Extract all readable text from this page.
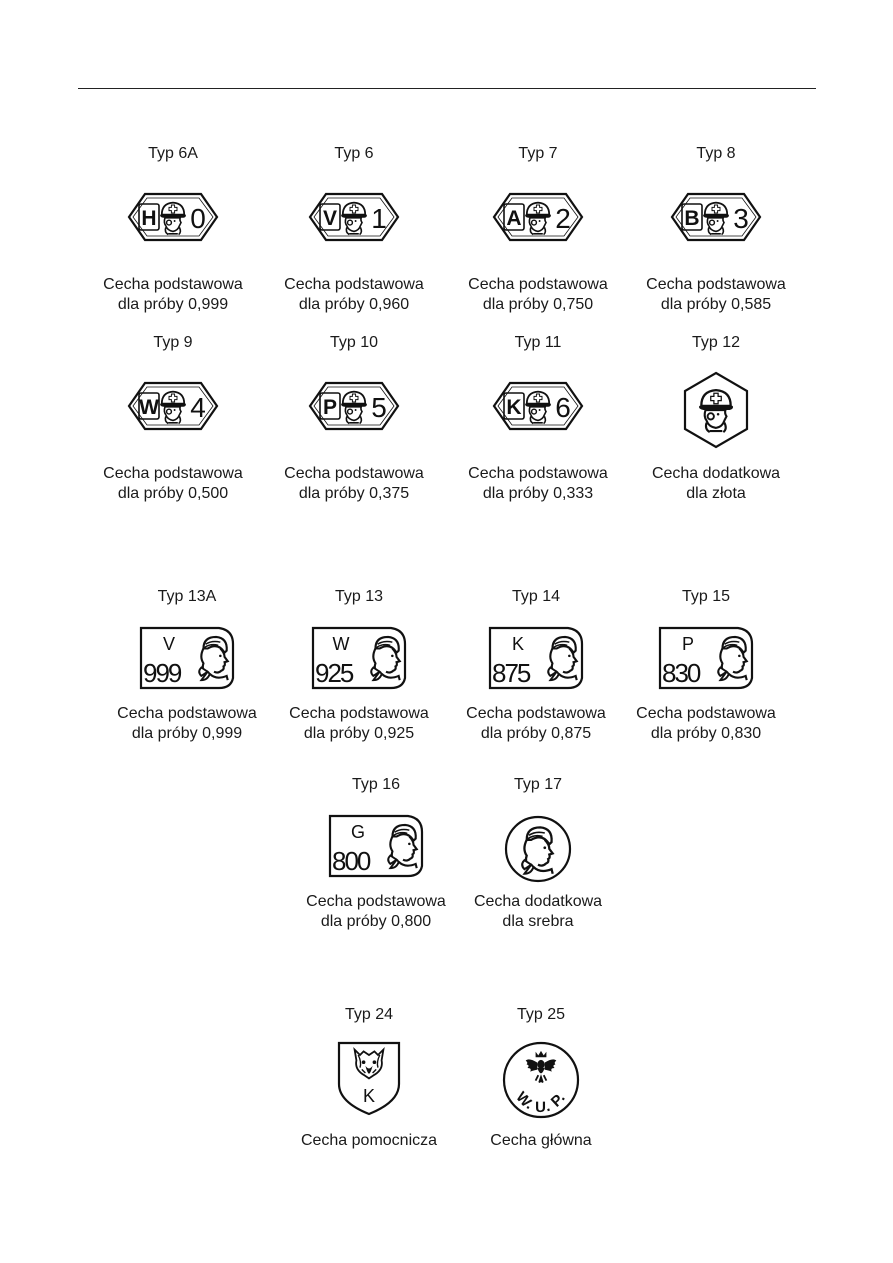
Typ 6A
H 0
Cecha podstawowa
dla próby 0,999
Typ 6
V 1
Cecha podstawowa
dla próby 0,960
Typ 7
A 2
Cecha podstawowa
dla próby 0,750
Typ 8
B 3
Cecha podstawowa
dla próby 0,585
Typ 9
W 4
Cecha podstawowa
dla próby 0,500
Typ 10
P 5
Cecha podstawowa
dla próby 0,375
Typ 11
K 6
Cecha podstawowa
dla próby 0,333
Typ 12
Cecha dodatkowa
dla złota
Typ 13A
V
999
Cecha podstawowa
dla próby 0,999
Typ 13
W
925
Cecha podstawowa
dla próby 0,925
Typ 14
K
875
Cecha podstawowa
dla próby 0,875
Typ 15
P
830
Cecha podstawowa
dla próby 0,830
Typ 16
G
800
Cecha podstawowa
dla próby 0,800
Typ 17
Cecha dodatkowa
dla srebra
Typ 24
K
Cecha pomocnicza
Typ 25
W. U. P.
Cecha główna
